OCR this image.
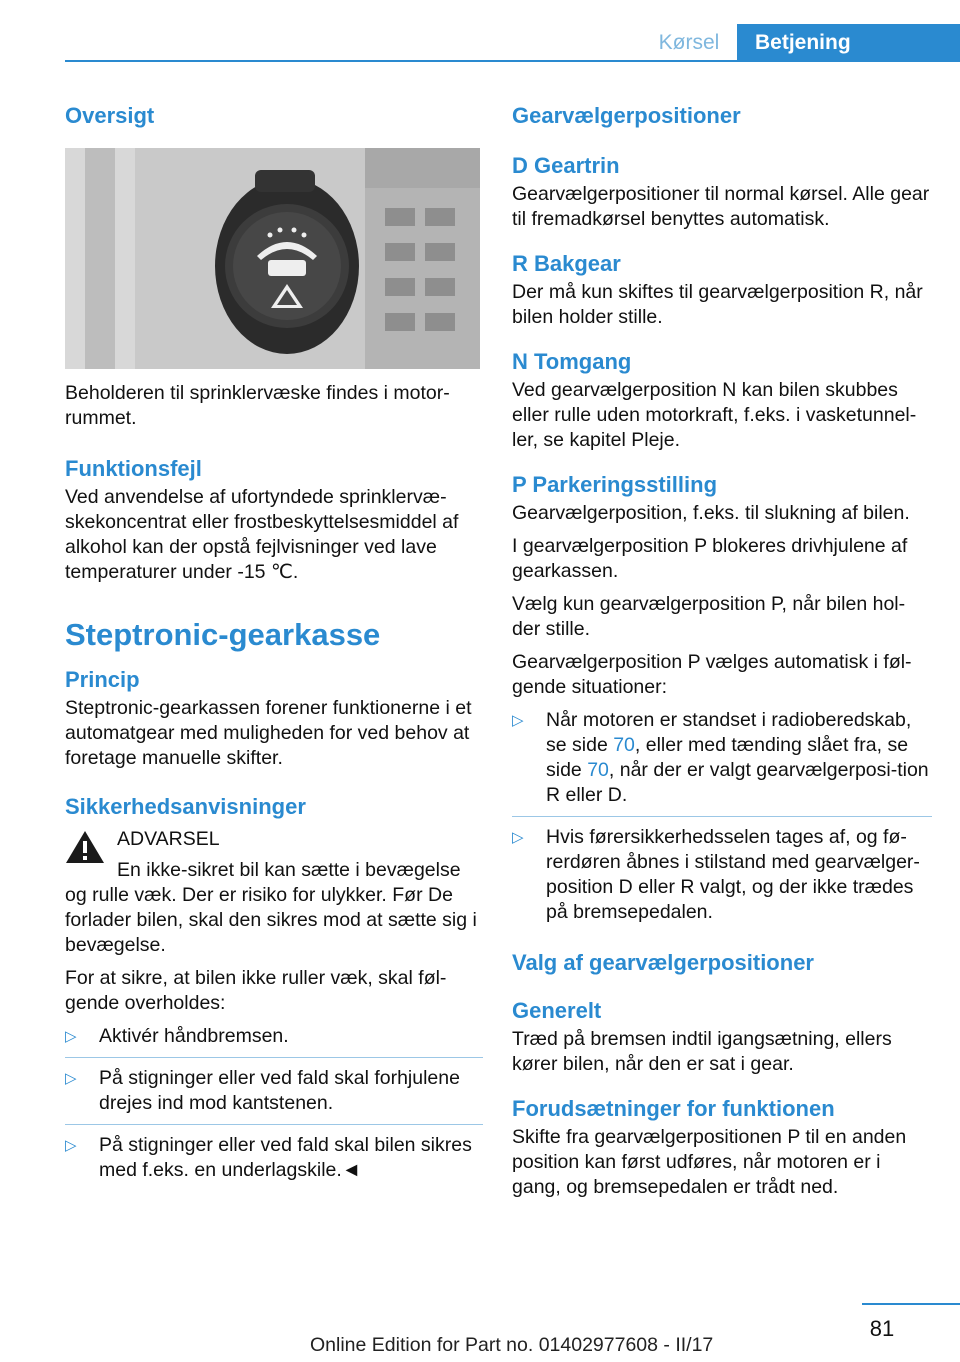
Kørsel	Betjening
Oversigt

Beholderen til sprinklervæske findes i motor-rummet.

Funktionsfejl

Ved anvendelse af ufortyndede sprinklervæ-skekoncentrat eller frostbeskyttelsesmiddel af alkohol kan der opstå fejlvisninger ved lave temperaturer under -15 ℃.

Steptronic-gearkasse
Princip

Steptronic-gearkassen forener funktionerne i et automatgear med muligheden for ved behov at foretage manuelle skifter.

Sikkerhedsanvisninger

ADVARSEL

En ikke-sikret bil kan sætte i bevægelse

og rulle væk. Der er risiko for ulykker. Før De forlader bilen, skal den sikres mod at sætte sig i bevægelse.

For at sikre, at bilen ikke ruller væk, skal føl-gende overholdes:

▷ Aktivér håndbremsen.
▷ På stigninger eller ved fald skal forhjulene drejes ind mod kantstenen.
▷ På stigninger eller ved fald skal bilen sikres med f.eks. en underlagskile.◄
Gearvælgerpositioner
D Geartrin

Gearvælgerpositioner til normal kørsel. Alle gear til fremadkørsel benyttes automatisk.

R Bakgear

Der må kun skiftes til gearvælgerposition R, når bilen holder stille.

N Tomgang

Ved gearvælgerposition N kan bilen skubbes eller rulle uden motorkraft, f.eks. i vasketunnel-ler, se kapitel Pleje.

P Parkeringsstilling

Gearvælgerposition, f.eks. til slukning af bilen.

I gearvælgerposition P blokeres drivhjulene af gearkassen.

Vælg kun gearvælgerposition P, når bilen hol-der stille.

Gearvælgerposition P vælges automatisk i føl-gende situationer:

▷ Når motoren er standset i radioberedskab, se side 70, eller med tænding slået fra, se side 70, når der er valgt gearvælgerposi-tion R eller D.
▷ Hvis førersikkerhedsselen tages af, og fø-rerdøren åbnes i stilstand med gearvælger-position D eller R valgt, og der ikke trædes på bremsepedalen.
Valg af gearvælgerpositioner
Generelt

Træd på bremsen indtil igangsætning, ellers kører bilen, når den er sat i gear.

Forudsætninger for funktionen

Skifte fra gearvælgerpositionen P til en anden position kan først udføres, når motoren er i gang, og bremsepedalen er trådt ned.

81
Online Edition for Part no. 01402977608 - II/17
